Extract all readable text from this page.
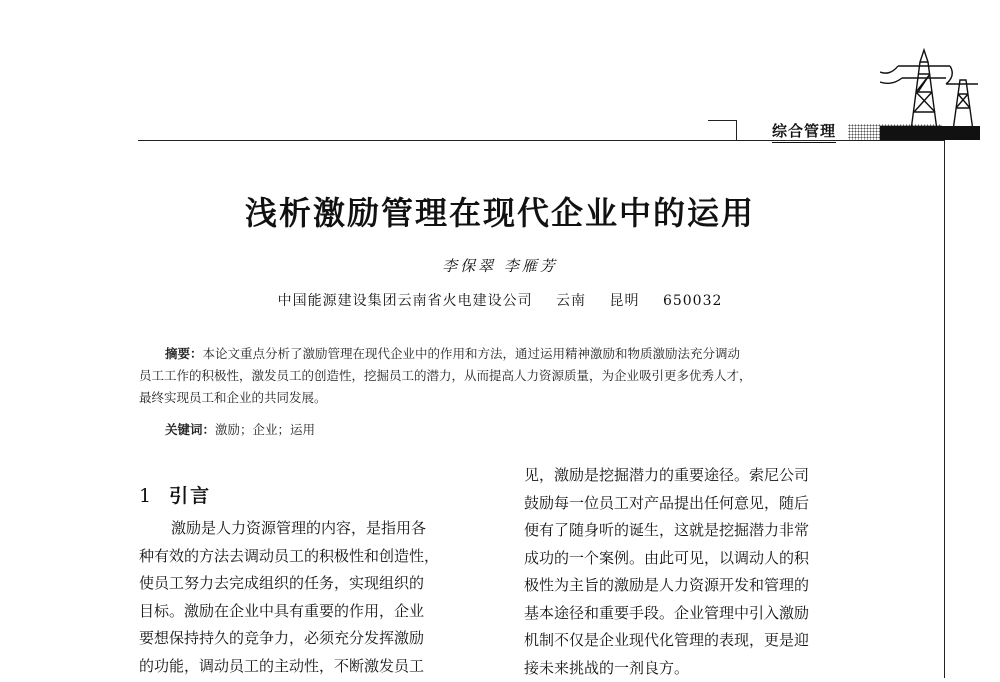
综合管理
浅析激励管理在现代企业中的运用
李保翠 李雁芳
中国能源建设集团云南省火电建设公司 云南 昆明 650032
摘要：本论文重点分析了激励管理在现代企业中的作用和方法，通过运用精神激励和物质激励法充分调动
员工工作的积极性，激发员工的创造性，挖掘员工的潜力，从而提高人力资源质量，为企业吸引更多优秀人才，
最终实现员工和企业的共同发展。
关键词：激励；企业；运用
1 引言
激励是人力资源管理的内容，是指用各
种有效的方法去调动员工的积极性和创造性，
使员工努力去完成组织的任务，实现组织的
目标。激励在企业中具有重要的作用，企业
要想保持持久的竞争力，必须充分发挥激励
的功能，调动员工的主动性，不断激发员工
见，激励是挖掘潜力的重要途径。索尼公司
鼓励每一位员工对产品提出任何意见，随后
便有了随身听的诞生，这就是挖掘潜力非常
成功的一个案例。由此可见，以调动人的积
极性为主旨的激励是人力资源开发和管理的
基本途径和重要手段。企业管理中引入激励
机制不仅是企业现代化管理的表现，更是迎
接未来挑战的一剂良方。
